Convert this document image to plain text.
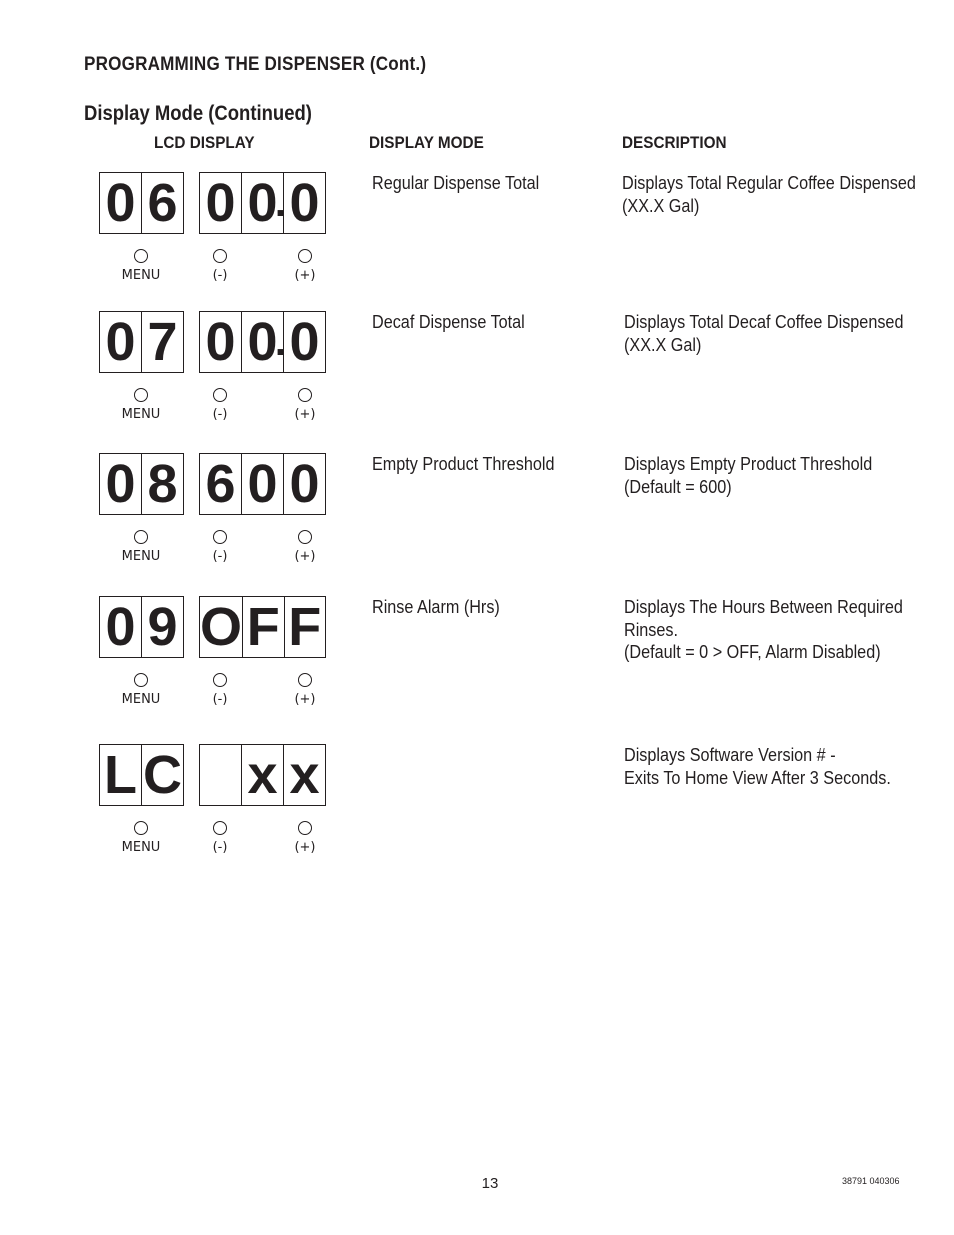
PROGRAMMING THE DISPENSER (Cont.)
Display Mode (Continued)
LCD DISPLAY	DISPLAY MODE	DESCRIPTION
0 6 0 0
. 0
MENU	(-)	(+)
Regular Dispense Total	Displays Total Regular Coffee Dispensed
(XX.X Gal)
0 7 0 0
. 0
MENU	(-)	(+)
Decaf Dispense Total	Displays Total Decaf Coffee Dispensed
(XX.X Gal)
0 8 6 0 0
MENU	(-)	(+)
Empty Product Threshold	Displays Empty Product Threshold
(Default = 600)
0 9 O F F
MENU	(-)	(+)
Rinse Alarm (Hrs)	Displays The Hours Between Required
Rinses.
(Default = 0 > OFF, Alarm Disabled)
L C x x
MENU	(-)	(+)
Displays Software Version # -
Exits To Home View After 3 Seconds.
13	38791 040306
